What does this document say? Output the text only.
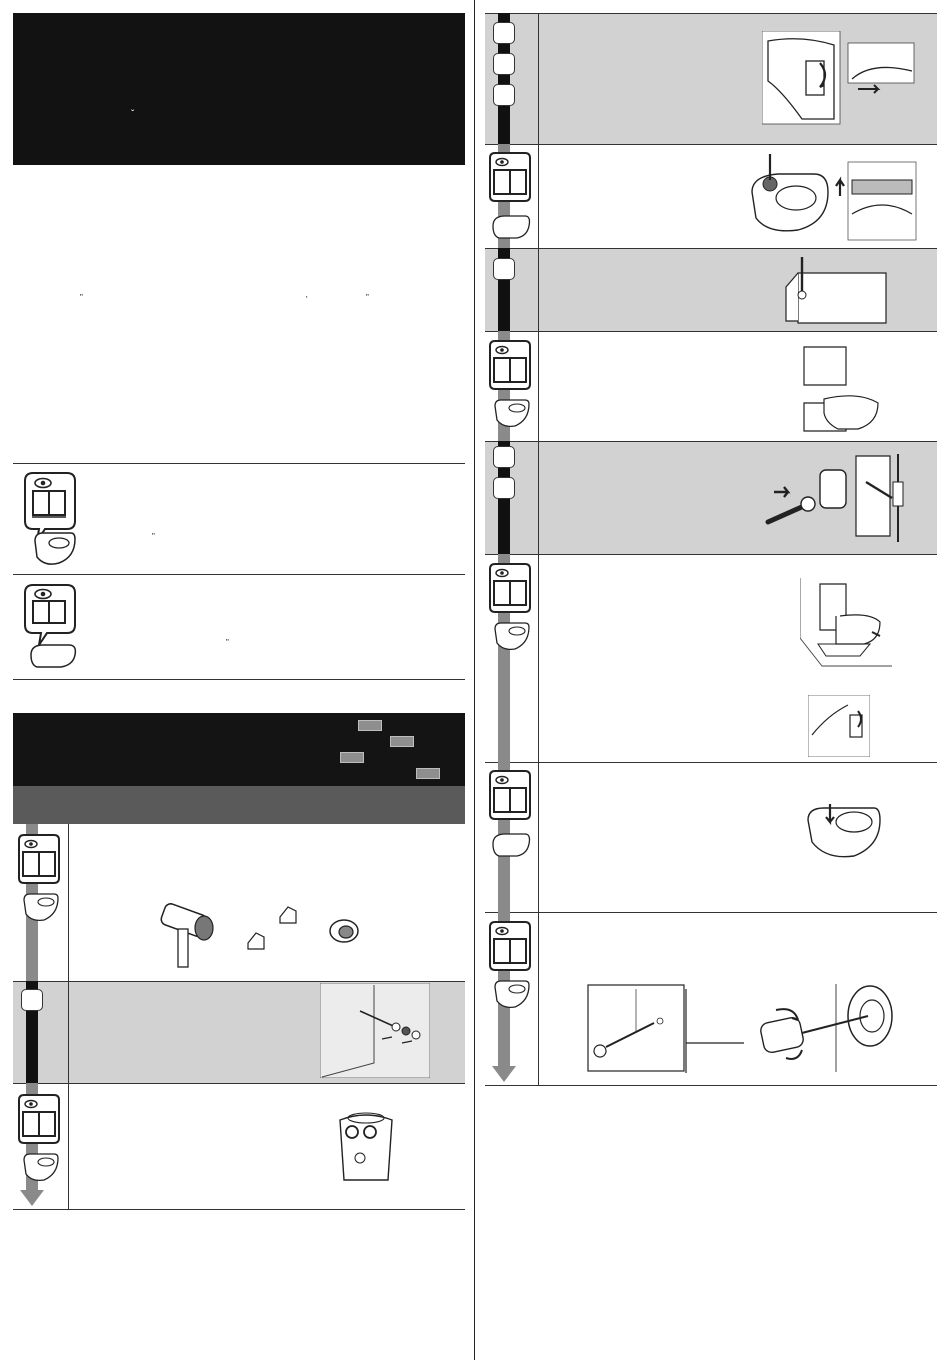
ˇ
"	'	"
"
"
